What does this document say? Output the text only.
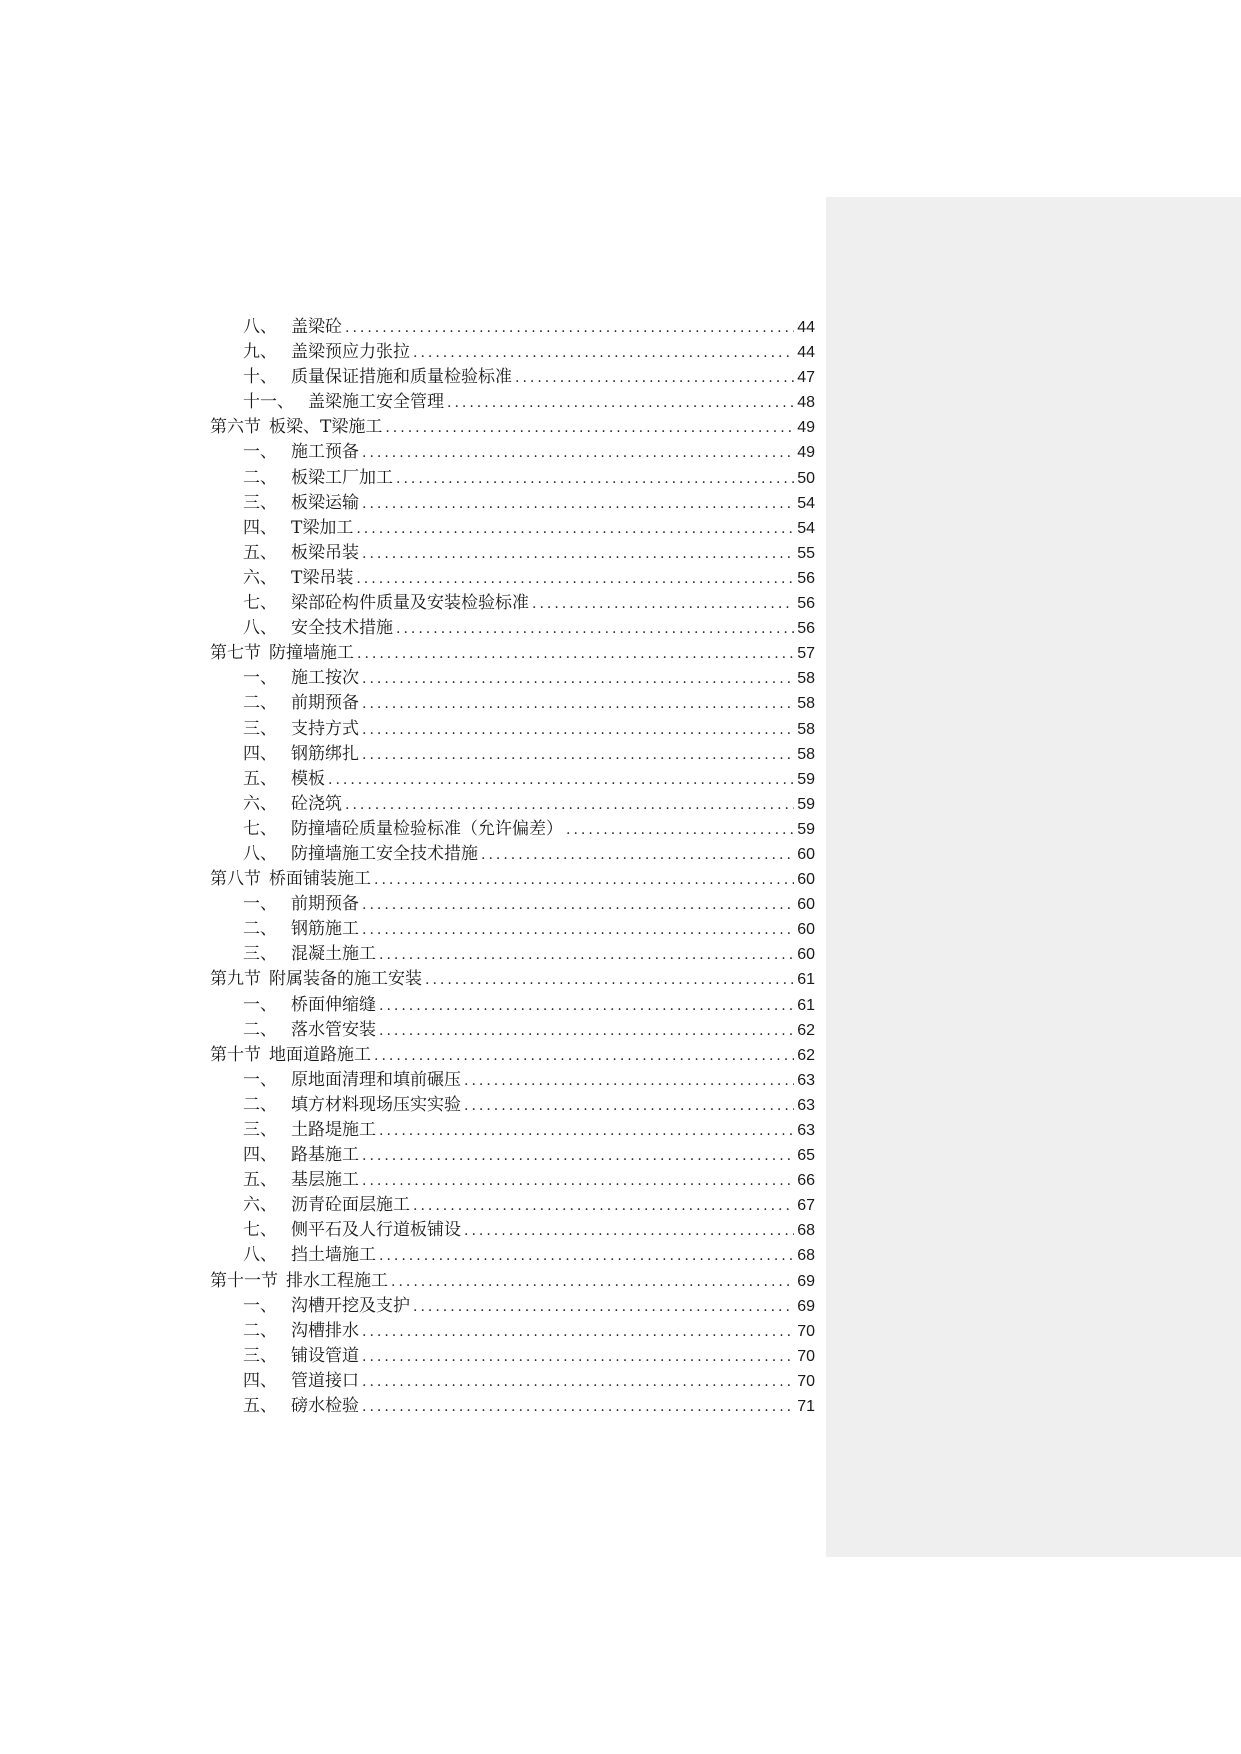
八、 盖梁砼 .....	44
九、 盖梁预应力张拉 .....	44
十、 质量保证措施和质量检验标准 .....	47
十一、 盖梁施工安全管理 .....	48
第六节 板梁、T梁施工 .....	49
一、 施工预备 .....	49
二、 板梁工厂加工 .....	50
三、 板梁运输 .....	54
四、 T梁加工 .....	54
五、 板梁吊装 .....	55
六、 T梁吊装 .....	56
七、 梁部砼构件质量及安装检验标准 .....	56
八、 安全技术措施 .....	56
第七节 防撞墙施工 .....	57
一、 施工按次 .....	58
二、 前期预备 .....	58
三、 支持方式 .....	58
四、 钢筋绑扎 .....	58
五、 模板 .....	59
六、 砼浇筑 .....	59
七、 防撞墙砼质量检验标准（允许偏差） .....	59
八、 防撞墙施工安全技术措施 .....	60
第八节 桥面铺装施工 .....	60
一、 前期预备 .....	60
二、 钢筋施工 .....	60
三、 混凝土施工 .....	60
第九节 附属装备的施工安装 .....	61
一、 桥面伸缩缝 .....	61
二、 落水管安装 .....	62
第十节 地面道路施工 .....	62
一、 原地面清理和填前碾压 .....	63
二、 填方材料现场压实实验 .....	63
三、 土路堤施工 .....	63
四、 路基施工 .....	65
五、 基层施工 .....	66
六、 沥青砼面层施工 .....	67
七、 侧平石及人行道板铺设 .....	68
八、 挡土墙施工 .....	68
第十一节 排水工程施工 .....	69
一、 沟槽开挖及支护 .....	69
二、 沟槽排水 .....	70
三、 铺设管道 .....	70
四、 管道接口 .....	70
五、 磅水检验 .....	71
